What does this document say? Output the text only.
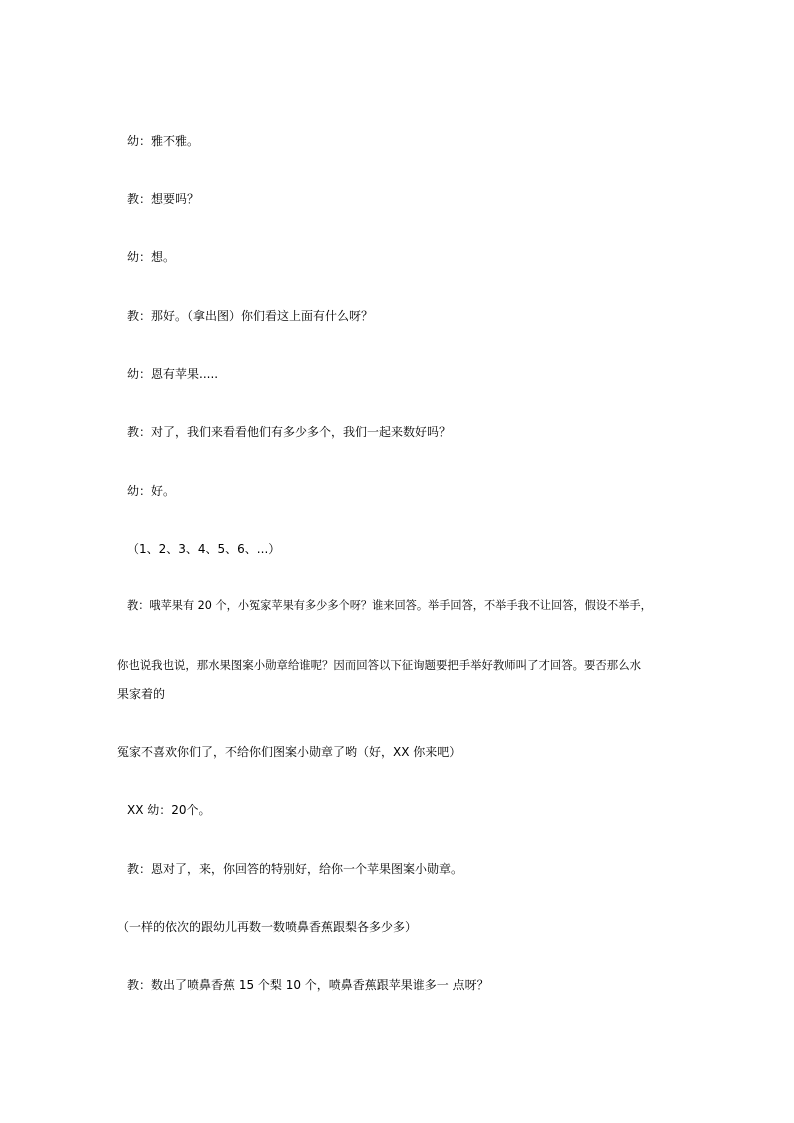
幼：雅不雅。

教：想要吗？

幼：想。

教：那好。（拿出图）你们看这上面有什么呀？

幼：恩有苹果.....

教：对了，我们来看看他们有多少多个，我们一起来数好吗？

幼：好。

（1、2、3、4、5、6、...）

教：哦苹果有 20 个，小冤家苹果有多少多个呀？谁来回答。举手回答，不举手我不让回答，假设不举手，

你也说我也说，那水果图案小勋章给谁呢？因而回答以下征询题要把手举好教师叫了才回答。要否那么水

果家着的

冤家不喜欢你们了，不给你们图案小勋章了哟（好，XX 你来吧）

XX 幼：20个。

教：恩对了，来，你回答的特别好，给你一个苹果图案小勋章。

（一样的依次的跟幼儿再数一数喷鼻香蕉跟梨各多少多）

教：数出了喷鼻香蕉 15 个梨 10 个，喷鼻香蕉跟苹果谁多一 点呀？
